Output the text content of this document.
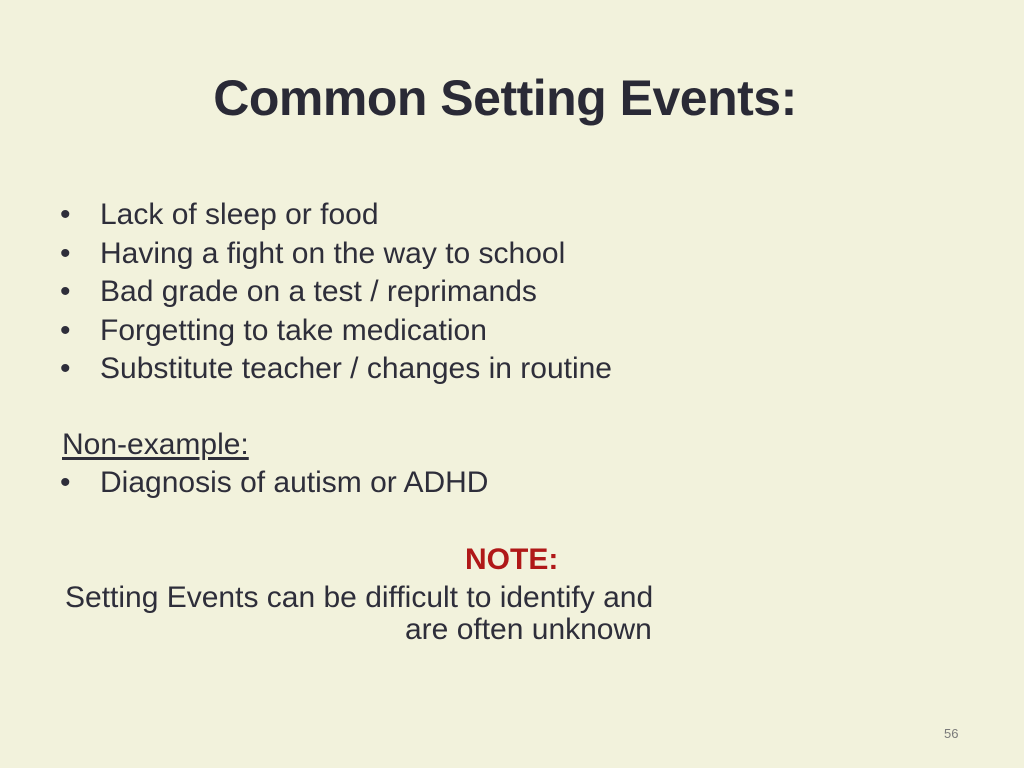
Common Setting Events:
• Lack of sleep or food
• Having a fight on the way to school
• Bad grade on a test / reprimands
• Forgetting to take medication
• Substitute teacher / changes in routine
Non-example:
• Diagnosis of autism or ADHD
NOTE:
Setting Events can be difficult to identify and
are often unknown
56
